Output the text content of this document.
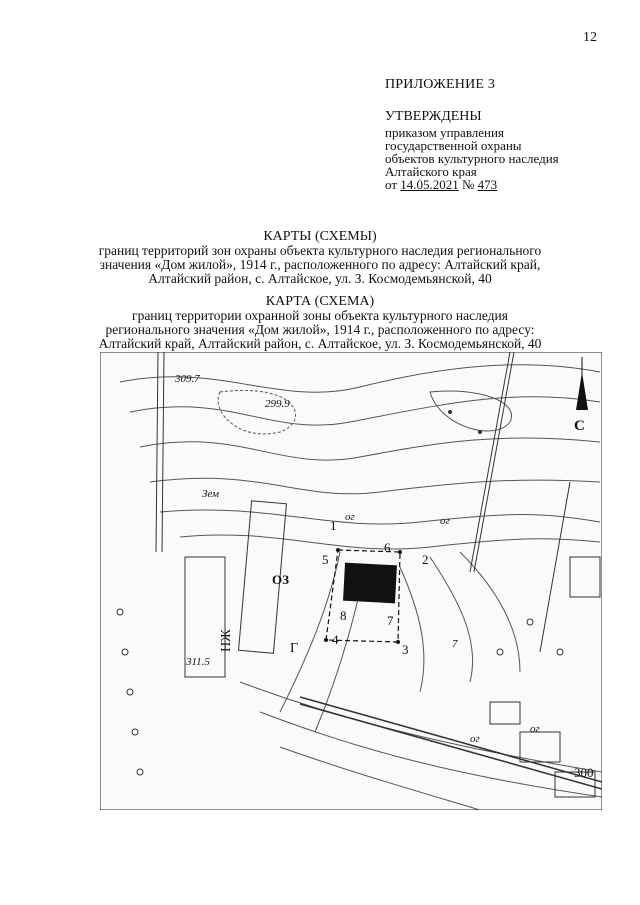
12
ПРИЛОЖЕНИЕ 3
УТВЕРЖДЕНЫ
приказом управления
государственной охраны
объектов культурного наследия
Алтайского края
от 14.05.2021 № 473
КАРТЫ (СХЕМЫ)
границ территорий зон охраны объекта культурного наследия регионального
значения «Дом жилой», 1914 г., расположенного по адресу: Алтайский край,
Алтайский район, с. Алтайское, ул. З. Космодемьянской, 40
КАРТА (СХЕМА)
границ территории охранной зоны объекта культурного наследия
регионального значения «Дом жилой», 1914 г., расположенного по адресу:
Алтайский край, Алтайский район, с. Алтайское, ул. З. Космодемьянской, 40
1
2
3
4
5
6
7
8
ОЗ
311.5
300
299.9
309.7
ог	ог
ог
ог
Г
НЖ
Зем
7
С
